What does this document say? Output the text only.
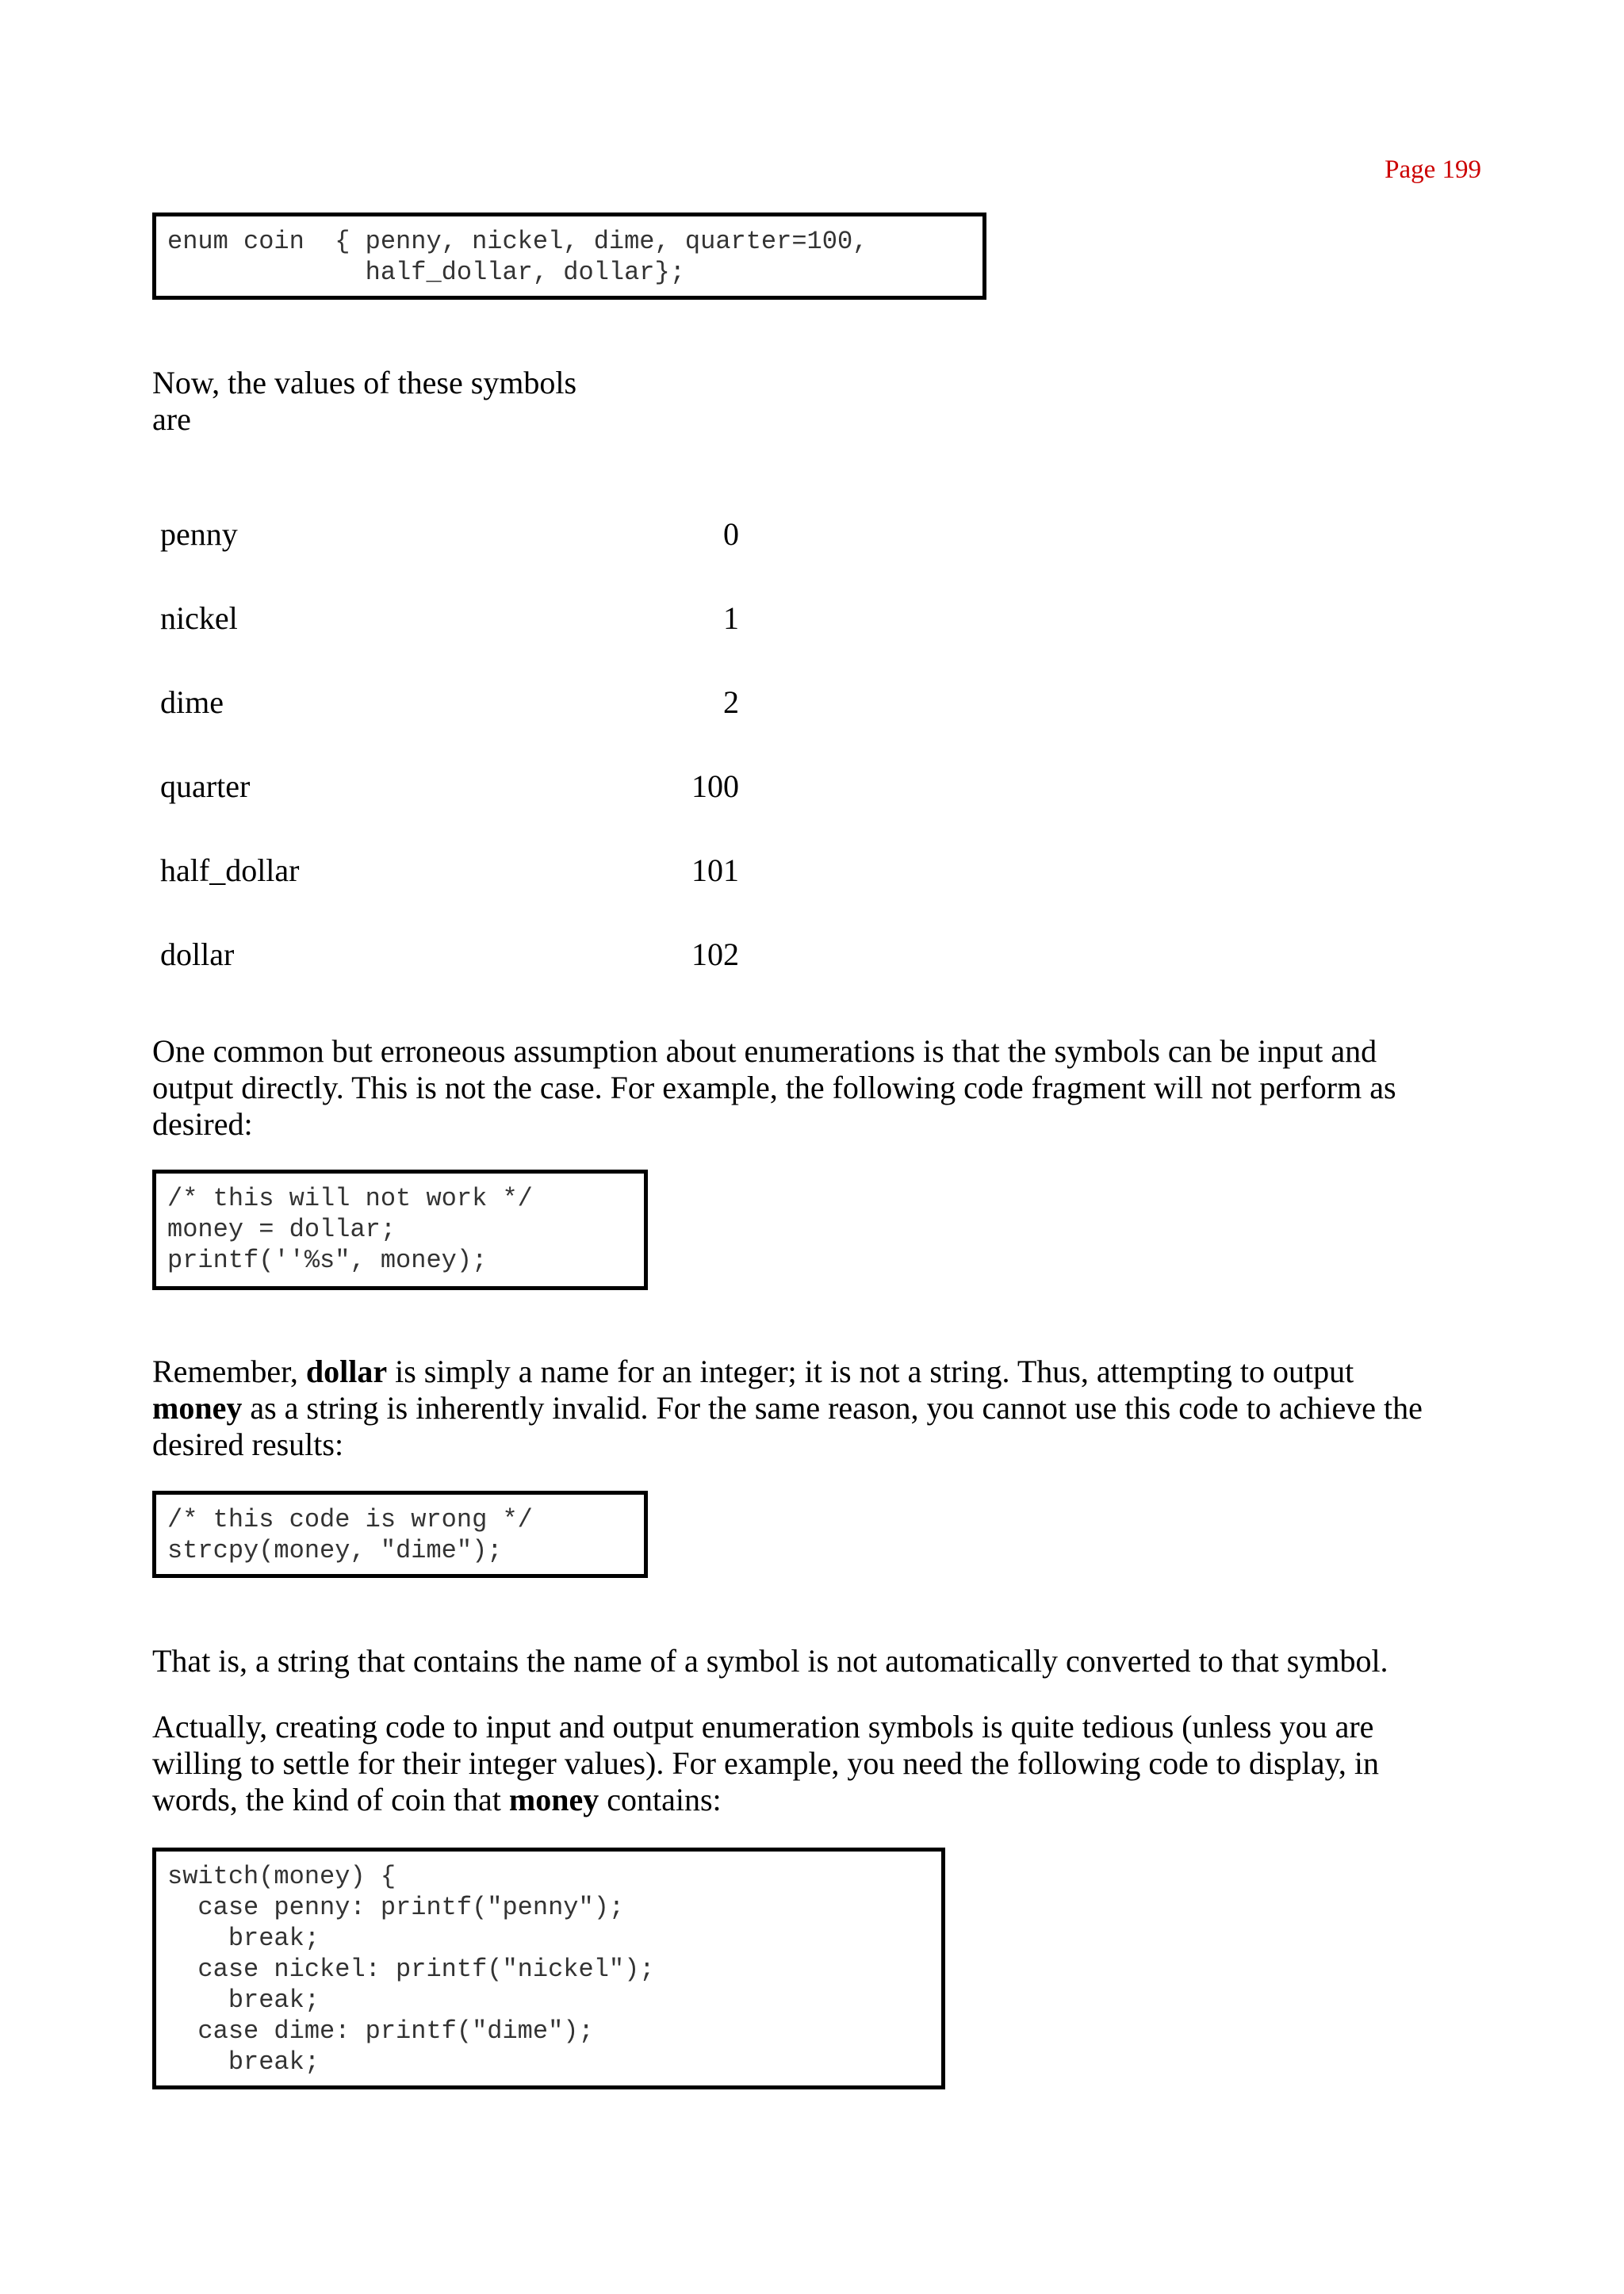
Page 199
enum coin  { penny, nickel, dime, quarter=100,
half_dollar, dollar};

Now, the values of these symbols
are

penny	0
nickel	1
dime	2
quarter	100
half_dollar	101
dollar	102

One common but erroneous assumption about enumerations is that the symbols can be input and
output directly. This is not the case. For example, the following code fragment will not perform as
desired:

/* this will not work */
money = dollar;
printf(''%s", money);

Remember, dollar is simply a name for an integer; it is not a string. Thus, attempting to output
money as a string is inherently invalid. For the same reason, you cannot use this code to achieve the
desired results:

/* this code is wrong */
strcpy(money, "dime");

That is, a string that contains the name of a symbol is not automatically converted to that symbol.

Actually, creating code to input and output enumeration symbols is quite tedious (unless you are
willing to settle for their integer values). For example, you need the following code to display, in
words, the kind of coin that money contains:

switch(money) {
case penny: printf("penny");
break;
case nickel: printf("nickel");
break;
case dime: printf("dime");
break;
